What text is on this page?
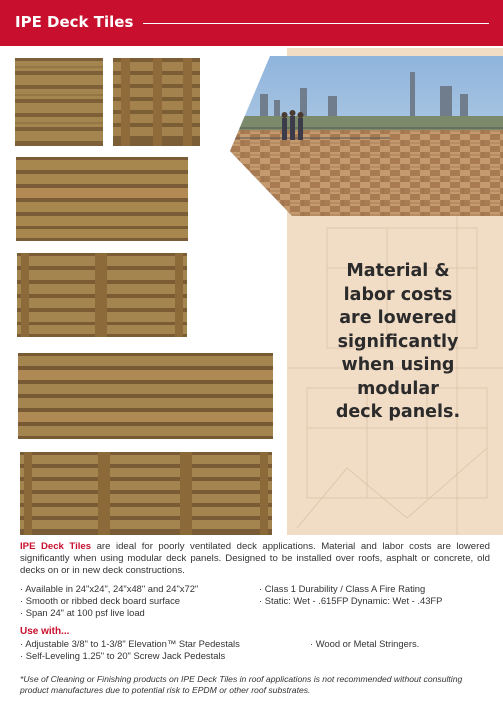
IPE Deck Tiles
Material &
labor costs
are lowered
significantly
when using
modular
deck panels.
IPE Deck Tiles are ideal for poorly ventilated deck applications. Material and labor costs are lowered significantly when using modular deck panels. Designed to be installed over roofs, asphalt or concrete, old decks on or in new deck constructions.
· Available in 24"x24", 24"x48" and 24"x72"
· Smooth or ribbed deck board surface
· Span 24" at 100 psf live load
· Class 1 Durability / Class A Fire Rating
· Static: Wet - .615FP Dynamic: Wet - .43FP
Use with...
· Adjustable 3/8" to 1-3/8" Elevation™ Star Pedestals
· Self-Leveling 1.25" to 20" Screw Jack Pedestals
· Wood or Metal Stringers.
*Use of Cleaning or Finishing products on IPE Deck Tiles in roof applications is not recommended without consulting product manufactures due to potential risk to EPDM or other roof substrates.
